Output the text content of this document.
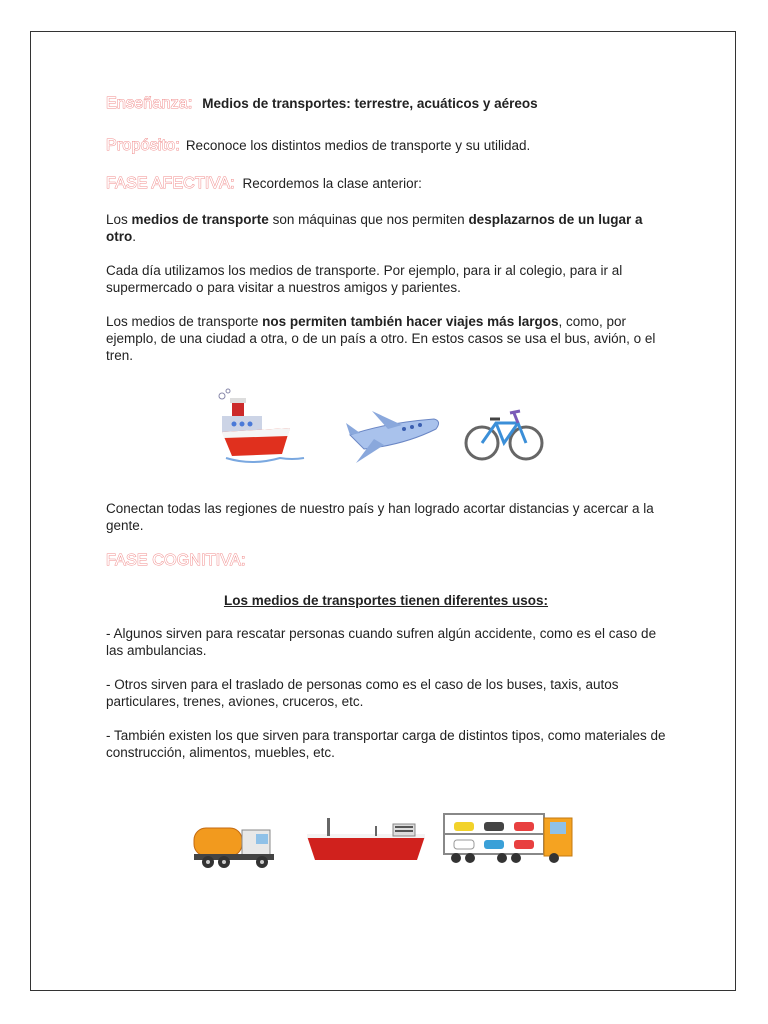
Enseñanza: Medios de transportes: terrestre, acuáticos y aéreos
Propósito: Reconoce los distintos medios de transporte y su utilidad.
FASE AFECTIVA: Recordemos la clase anterior:
Los medios de transporte son máquinas que nos permiten desplazarnos de un lugar a otro.
Cada día utilizamos los medios de transporte. Por ejemplo, para ir al colegio, para ir al supermercado o para visitar a nuestros amigos y parientes.
Los medios de transporte nos permiten también hacer viajes más largos, como, por ejemplo, de una ciudad a otra, o de un país a otro. En estos casos se usa el bus, avión, o el tren.
Conectan todas las regiones de nuestro país y han logrado acortar distancias y acercar a la gente.
FASE COGNITIVA:
Los medios de transportes tienen diferentes usos:
- Algunos sirven para rescatar personas cuando sufren algún accidente, como es el caso de las ambulancias.
- Otros sirven para el traslado de personas como es el caso de los buses, taxis, autos particulares, trenes, aviones, cruceros, etc.
- También existen los que sirven para transportar carga de distintos tipos, como materiales de construcción, alimentos, muebles, etc.
